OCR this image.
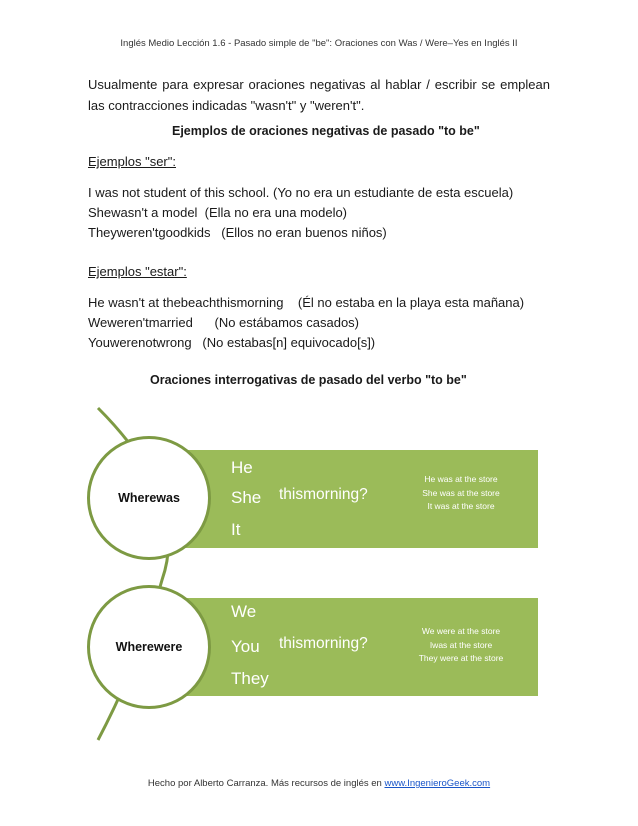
Inglés Medio Lección 1.6 - Pasado simple de "be": Oraciones con Was / Were–Yes en Inglés II
Usualmente para expresar oraciones negativas al hablar / escribir se emplean las contracciones indicadas "wasn't" y "weren't".
Ejemplos de oraciones negativas de pasado "to be"
Ejemplos "ser":
I was not student of this school. (Yo no era un estudiante de esta escuela)
Shewasn't a model  (Ella no era una modelo)
Theyweren'tgoodkids   (Ellos no eran buenos niños)
Ejemplos "estar":
He wasn't at thebeachthismorning    (Él no estaba en la playa esta mañana)
Weweren'tmarried      (No estábamos casados)
Youwerenotwrong   (No estabas[n] equivocado[s])
Oraciones interrogativas de pasado del verbo "to be"
He
She
It
thismorning?
He was at the store
She was at the store
It was at the store
Wherewas
We
You
They
thismorning?
We were at the store
Iwas at the store
They were at the store
Wherewere
Hecho por Alberto Carranza. Más recursos de inglés en www.IngenieroGeek.com
